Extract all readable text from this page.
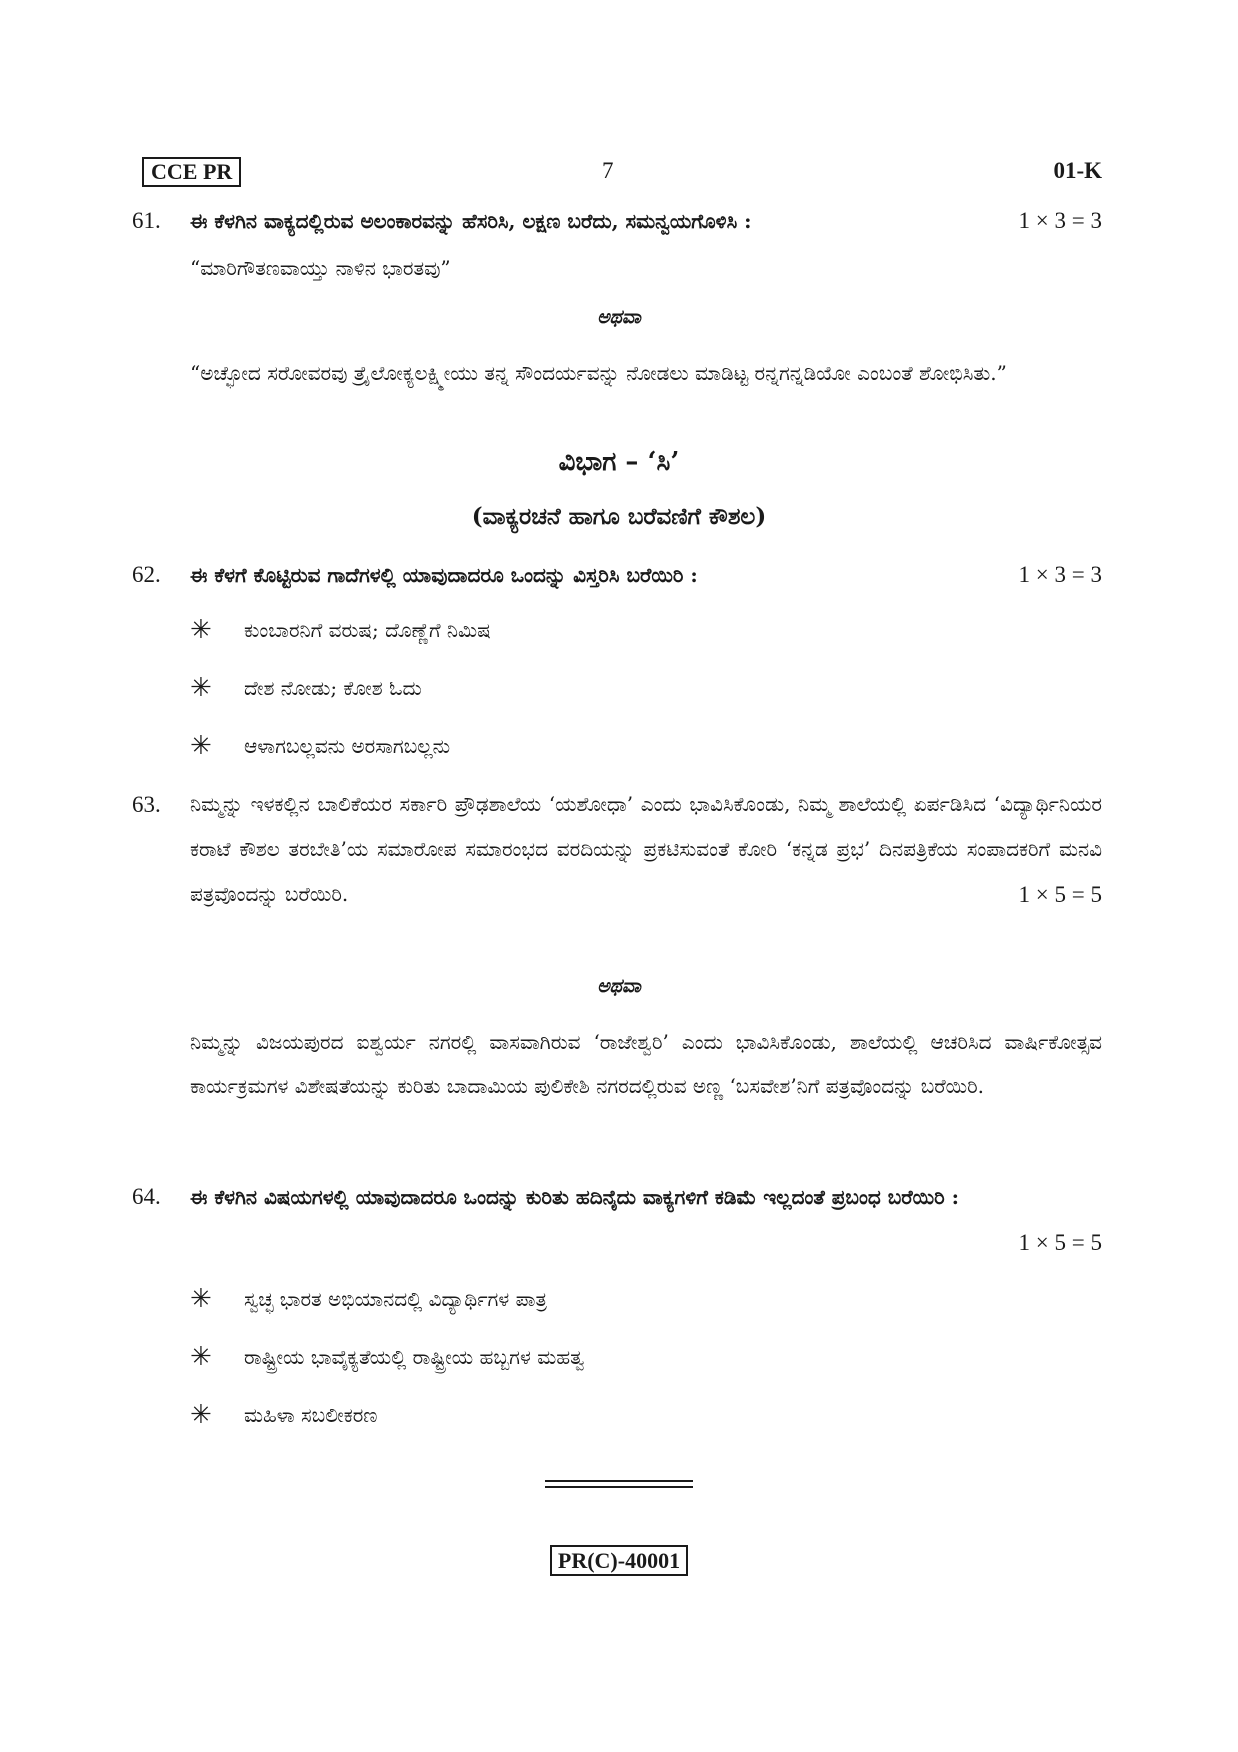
CCE PR	7	01-K
61. ಈ ಕೆಳಗಿನ ವಾಕ್ಯದಲ್ಲಿರುವ ಅಲಂಕಾರವನ್ನು ಹೆಸರಿಸಿ, ಲಕ್ಷಣ ಬರೆದು, ಸಮನ್ವಯಗೊಳಿಸಿ :	1 × 3 = 3
“ಮಾರಿಗೌತಣವಾಯ್ತು ನಾಳಿನ ಭಾರತವು”
ಅಥವಾ
“ಅಚ್ಛೋದ ಸರೋವರವು ತ್ರೈಲೋಕ್ಯಲಕ್ಷ್ಮೀಯು ತನ್ನ ಸೌಂದರ್ಯವನ್ನು ನೋಡಲು ಮಾಡಿಟ್ಟ ರನ್ನಗನ್ನಡಿಯೋ ಎಂಬಂತೆ ಶೋಭಿಸಿತು.”
ವಿಭಾಗ – ‘ಸಿ’
(ವಾಕ್ಯರಚನೆ ಹಾಗೂ ಬರೆವಣಿಗೆ ಕೌಶಲ)
62. ಈ ಕೆಳಗೆ ಕೊಟ್ಟಿರುವ ಗಾದೆಗಳಲ್ಲಿ ಯಾವುದಾದರೂ ಒಂದನ್ನು ವಿಸ್ತರಿಸಿ ಬರೆಯಿರಿ :	1 × 3 = 3
✳ ಕುಂಬಾರನಿಗೆ ವರುಷ; ದೊಣ್ಣೆಗೆ ನಿಮಿಷ
✳ ದೇಶ ನೋಡು; ಕೋಶ ಓದು
✳ ಆಳಾಗಬಲ್ಲವನು ಅರಸಾಗಬಲ್ಲನು
63. ನಿಮ್ಮನ್ನು ಇಳಕಲ್ಲಿನ ಬಾಲಿಕೆಯರ ಸರ್ಕಾರಿ ಪ್ರೌಢಶಾಲೆಯ ‘ಯಶೋಧಾ’ ಎಂದು ಭಾವಿಸಿಕೊಂಡು, ನಿಮ್ಮ ಶಾಲೆಯಲ್ಲಿ ಏರ್ಪಡಿಸಿದ ‘ವಿದ್ಯಾರ್ಥಿನಿಯರ ಕರಾಟೆ ಕೌಶಲ ತರಬೇತಿ’ಯ ಸಮಾರೋಪ ಸಮಾರಂಭದ ವರದಿಯನ್ನು ಪ್ರಕಟಿಸುವಂತೆ ಕೋರಿ ‘ಕನ್ನಡ ಪ್ರಭ’ ದಿನಪತ್ರಿಕೆಯ ಸಂಪಾದಕರಿಗೆ ಮನವಿ ಪತ್ರವೊಂದನ್ನು ಬರೆಯಿರಿ.	1 × 5 = 5
ಅಥವಾ
ನಿಮ್ಮನ್ನು ವಿಜಯಪುರದ ಐಶ್ವರ್ಯ ನಗರಲ್ಲಿ ವಾಸವಾಗಿರುವ ‘ರಾಜೇಶ್ವರಿ’ ಎಂದು ಭಾವಿಸಿಕೊಂಡು, ಶಾಲೆಯಲ್ಲಿ ಆಚರಿಸಿದ ವಾರ್ಷಿಕೋತ್ಸವ ಕಾರ್ಯಕ್ರಮಗಳ ವಿಶೇಷತೆಯನ್ನು ಕುರಿತು ಬಾದಾಮಿಯ ಪುಲಿಕೇಶಿ ನಗರದಲ್ಲಿರುವ ಅಣ್ಣ ‘ಬಸವೇಶ’ನಿಗೆ ಪತ್ರವೊಂದನ್ನು ಬರೆಯಿರಿ.
64. ಈ ಕೆಳಗಿನ ವಿಷಯಗಳಲ್ಲಿ ಯಾವುದಾದರೂ ಒಂದನ್ನು ಕುರಿತು ಹದಿನೈದು ವಾಕ್ಯಗಳಿಗೆ ಕಡಿಮೆ ಇಲ್ಲದಂತೆ ಪ್ರಬಂಧ ಬರೆಯಿರಿ :
1 × 5 = 5
✳ ಸ್ವಚ್ಛ ಭಾರತ ಅಭಿಯಾನದಲ್ಲಿ ವಿದ್ಯಾರ್ಥಿಗಳ ಪಾತ್ರ
✳ ರಾಷ್ಟ್ರೀಯ ಭಾವೈಕ್ಯತೆಯಲ್ಲಿ ರಾಷ್ಟ್ರೀಯ ಹಬ್ಬಗಳ ಮಹತ್ವ
✳ ಮಹಿಳಾ ಸಬಲೀಕರಣ
PR(C)-40001
